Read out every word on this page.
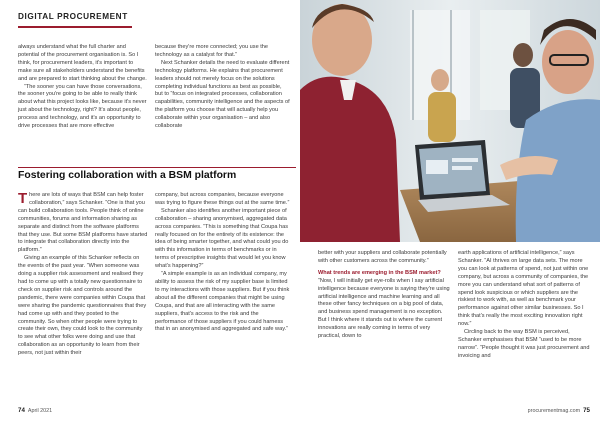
DIGITAL PROCUREMENT

always understand what the full charter and potential of the procurement organisation is. So I think, for procurement leaders, it's important to make sure all stakeholders understand the benefits and are prepared to start thinking about the change.

“The sooner you can have those conversations, the sooner you're going to be able to really think about what this project looks like, because it's never just about the technology, right? It's about people, process and technology, and it's an opportunity to drive processes that are more effective

because they're more connected; you use the technology as a catalyst for that.”

Next Schanker details the need to evaluate different technology platforms. He explains that procurement leaders should not merely focus on the solutions completing individual functions as best as possible, but to “focus on integrated processes, collaboration capabilities, community intelligence and the aspects of the platform you choose that will actually help you collaborate within your organisation – and also collaborate

Fostering collaboration with a BSM platform

There are lots of ways that BSM can help foster collaboration,” says Schanker. “One is that you can build collaboration tools. People think of online communities, forums and information sharing as separate and distinct from the software platforms that they use. But some BSM platforms have started to integrate that collaboration directly into the platform.”

Giving an example of this Schanker reflects on the events of the past year. “When someone was doing a supplier risk assessment and realised they had to come up with a totally new questionnaire to check on supplier risk and controls around the pandemic, there were companies within Coupa that were sharing the pandemic questionnaires that they had come up with and they posted to the community. So when other people were trying to create their own, they could look to the community to see what other folks were doing and use that collaboration as an opportunity to learn from their peers, not just within their

company, but across companies, because everyone was trying to figure these things out at the same time.”

Schanker also identifies another important piece of collaboration – sharing anonymised, aggregated data across companies. “This is something that Coupa has really focused on for the entirety of its existence: the idea of being smarter together, and what could you do with this information in terms of benchmarks or in terms of prescriptive insights that would let you know what's happening?”

“A simple example is as an individual company, my ability to assess the risk of my supplier base is limited to my interactions with those suppliers. But if you think about all the different companies that might be using Coupa, and that are all interacting with the same suppliers, that's access to the risk and the performance of those suppliers if you could harness that in an anonymised and aggregated and safe way.”

74 April 2021

better with your suppliers and collaborate potentially with other customers across the community.”

What trends are emerging in the BSM market?

“Now, I will initially get eye-rolls when I say artificial intelligence because everyone is saying they're using artificial intelligence and machine learning and all these other fancy techniques on a big pool of data, and business spend management is no exception. But I think where it stands out is where the current innovations are really coming in terms of very practical, down to

earth applications of artificial intelligence,” says Schanker. “AI thrives on large data sets. The more you can look at patterns of spend, not just within one company, but across a community of companies, the more you can understand what sort of patterns of spend look suspicious or which suppliers are the riskiest to work with, as well as benchmark your performance against other similar businesses. So I think that's really the most exciting innovation right now.”

Circling back to the way BSM is perceived, Schanker emphasises that BSM “used to be more narrow”. “People thought it was just procurement and invoicing and

procurementmag.com 75
